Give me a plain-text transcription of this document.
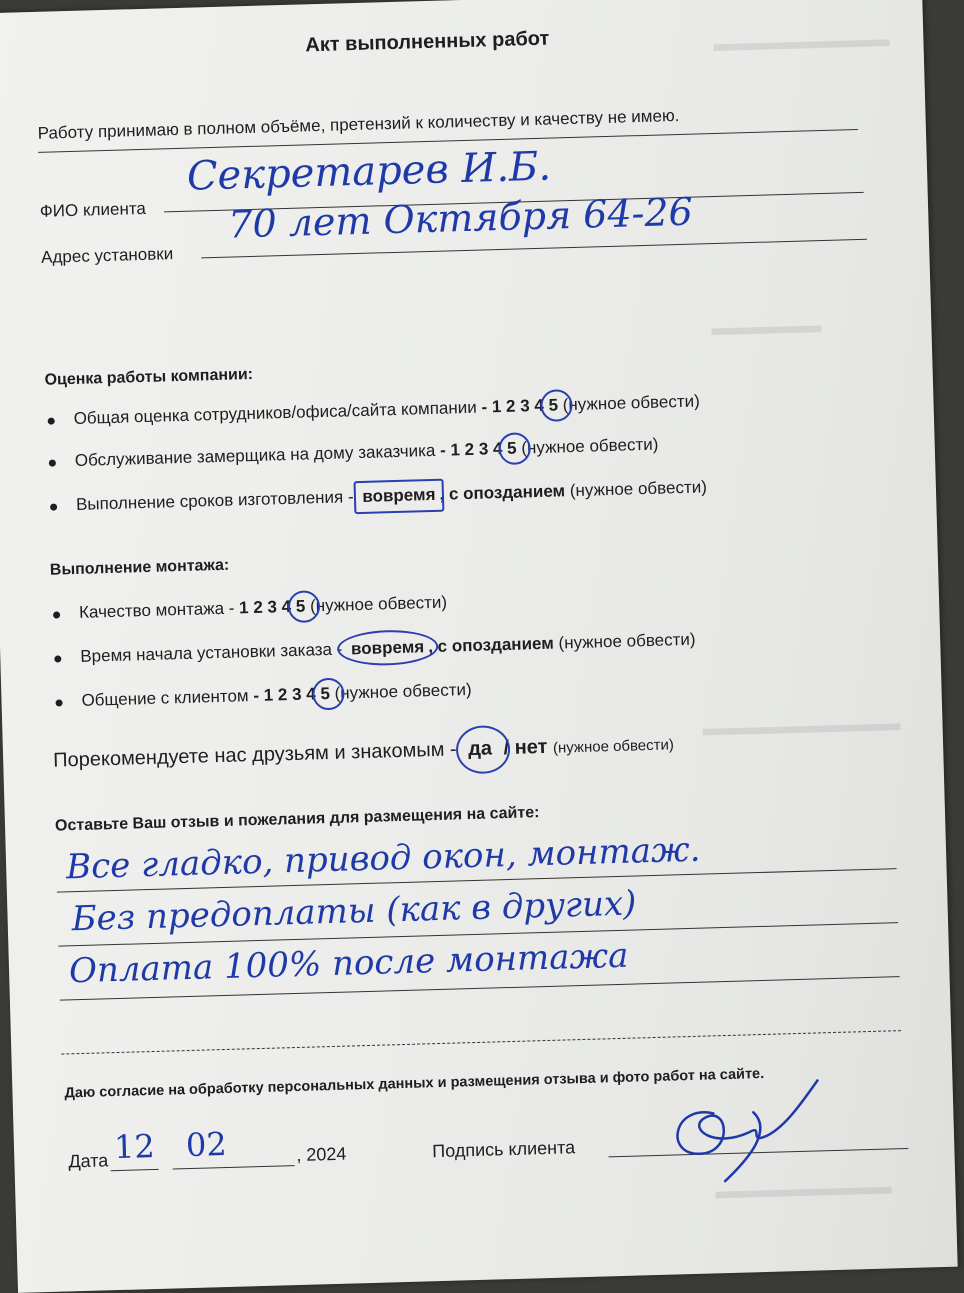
▬▬▬▬▬▬▬▬
▬▬▬▬▬
▬▬▬▬▬▬▬▬▬
▬▬▬▬▬▬▬▬
Акт выполненных работ
Работу принимаю в полном объёме, претензий к количеству и качеству не имею.
ФИО клиента
Секретарев И.Б.
Адрес установки
70 лет Октября 64-26
Оценка работы компании:
Общая оценка сотрудников/офиса/сайта компании - 1 2 3 4 5 (нужное обвести)
Обслуживание замерщика на дому заказчика - 1 2 3 4 5 (нужное обвести)
Выполнение сроков изготовления - вовремя , с опозданием (нужное обвести)
Выполнение монтажа:
Качество монтажа - 1 2 3 4 5 (нужное обвести)
Время начала установки заказа - вовремя , с опозданием (нужное обвести)
Общение с клиентом - 1 2 3 4 5 (нужное обвести)
Порекомендуете нас друзьям и знакомым - да / нет (нужное обвести)
Оставьте Ваш отзыв и пожелания для размещения на сайте:
Все гладко, привод окон, монтаж.
Без предоплаты (как в других)
Оплата 100% после монтажа
Даю согласие на обработку персональных данных и размещения отзыва и фото работ на сайте.
Дата 12 02	, 2024	Подпись клиента
